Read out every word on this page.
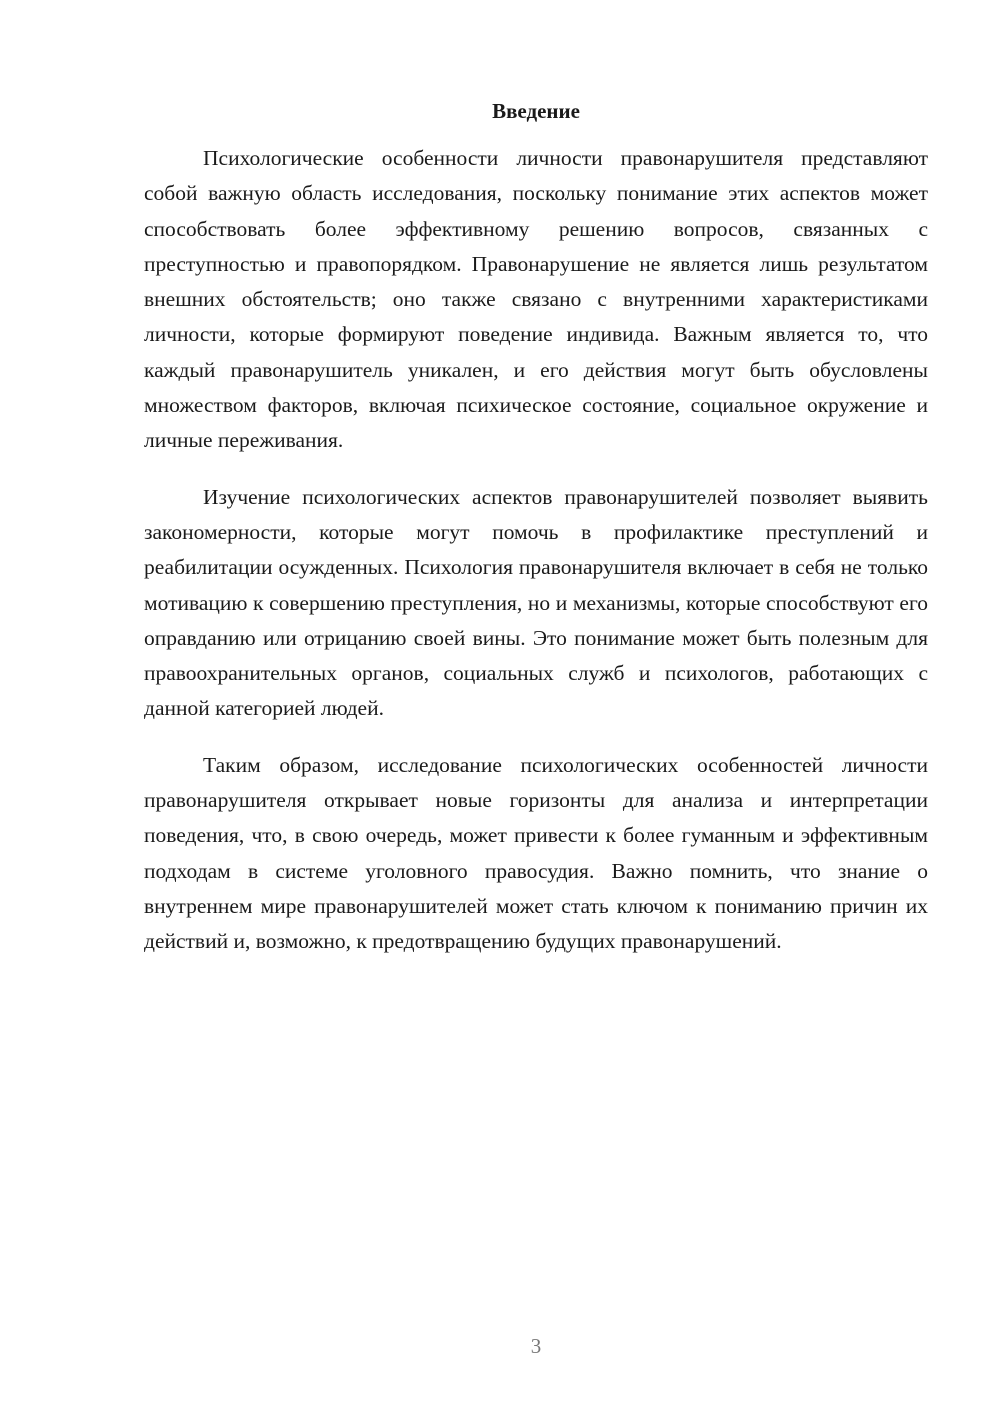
Введение

Психологические особенности личности правонарушителя представляют собой важную область исследования, поскольку понимание этих аспектов может способствовать более эффективному решению вопросов, связанных с преступностью и правопорядком. Правонарушение не является лишь результатом внешних обстоятельств; оно также связано с внутренними характеристиками личности, которые формируют поведение индивида. Важным является то, что каждый правонарушитель уникален, и его действия могут быть обусловлены множеством факторов, включая психическое состояние, социальное окружение и личные переживания.

Изучение психологических аспектов правонарушителей позволяет выявить закономерности, которые могут помочь в профилактике преступлений и реабилитации осужденных. Психология правонарушителя включает в себя не только мотивацию к совершению преступления, но и механизмы, которые способствуют его оправданию или отрицанию своей вины. Это понимание может быть полезным для правоохранительных органов, социальных служб и психологов, работающих с данной категорией людей.

Таким образом, исследование психологических особенностей личности правонарушителя открывает новые горизонты для анализа и интерпретации поведения, что, в свою очередь, может привести к более гуманным и эффективным подходам в системе уголовного правосудия. Важно помнить, что знание о внутреннем мире правонарушителей может стать ключом к пониманию причин их действий и, возможно, к предотвращению будущих правонарушений.

3
